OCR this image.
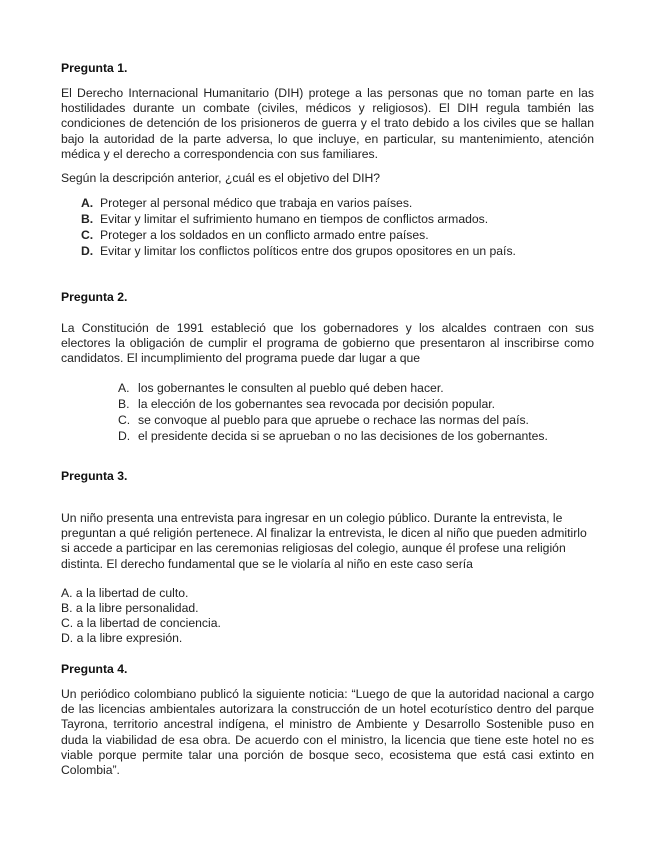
Pregunta 1.

El Derecho Internacional Humanitario (DIH) protege a las personas que no toman parte en las hostilidades durante un combate (civiles, médicos y religiosos). El DIH regula también las condiciones de detención de los prisioneros de guerra y el trato debido a los civiles que se hallan bajo la autoridad de la parte adversa, lo que incluye, en particular, su mantenimiento, atención médica y el derecho a correspondencia con sus familiares.

Según la descripción anterior, ¿cuál es el objetivo del DIH?
A. Proteger al personal médico que trabaja en varios países.
B. Evitar y limitar el sufrimiento humano en tiempos de conflictos armados.
C. Proteger a los soldados en un conflicto armado entre países.
D. Evitar y limitar los conflictos políticos entre dos grupos opositores en un país.
Pregunta 2.

La Constitución de 1991 estableció que los gobernadores y los alcaldes contraen con sus electores la obligación de cumplir el programa de gobierno que presentaron al inscribirse como candidatos. El incumplimiento del programa puede dar lugar a que

A. los gobernantes le consulten al pueblo qué deben hacer.
B. la elección de los gobernantes sea revocada por decisión popular.
C. se convoque al pueblo para que apruebe o rechace las normas del país.
D. el presidente decida si se aprueban o no las decisiones de los gobernantes.
Pregunta 3.

Un niño presenta una entrevista para ingresar en un colegio público. Durante la entrevista, le preguntan a qué religión pertenece. Al finalizar la entrevista, le dicen al niño que pueden admitirlo si accede a participar en las ceremonias religiosas del colegio, aunque él profese una religión distinta. El derecho fundamental que se le violaría al niño en este caso sería

A. a la libertad de culto.
B. a la libre personalidad.
C. a la libertad de conciencia.
D. a la libre expresión.
Pregunta 4.

Un periódico colombiano publicó la siguiente noticia: “Luego de que la autoridad nacional a cargo de las licencias ambientales autorizara la construcción de un hotel ecoturístico dentro del parque Tayrona, territorio ancestral indígena, el ministro de Ambiente y Desarrollo Sostenible puso en duda la viabilidad de esa obra. De acuerdo con el ministro, la licencia que tiene este hotel no es viable porque permite talar una porción de bosque seco, ecosistema que está casi extinto en Colombia”.
